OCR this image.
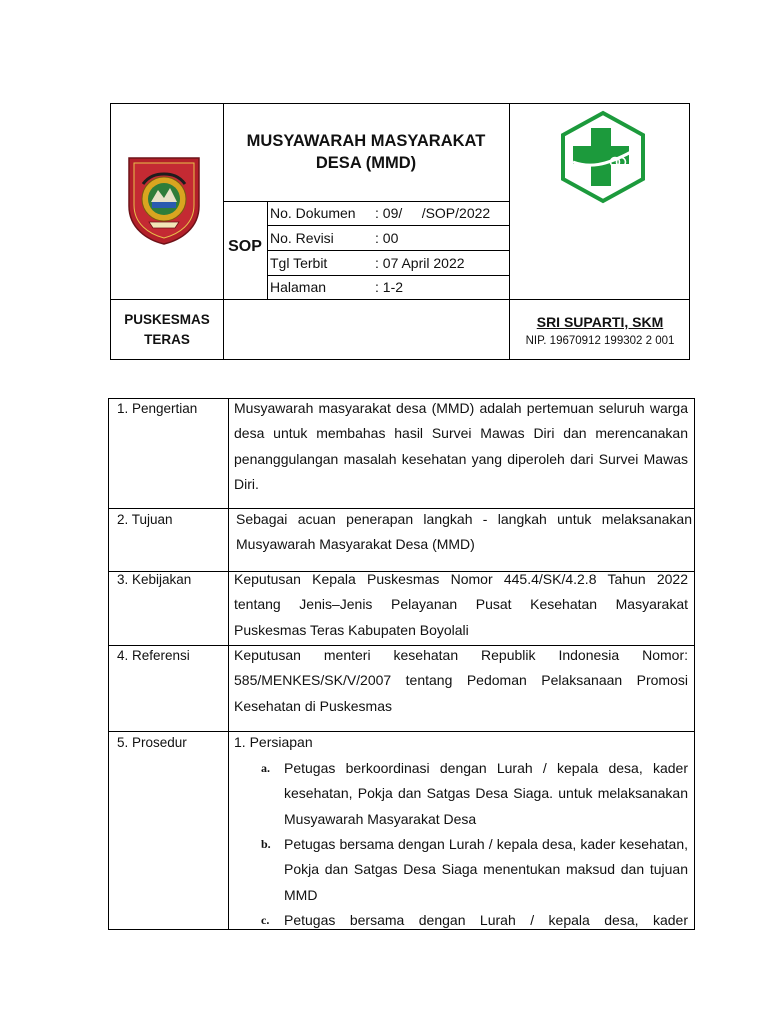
MUSYAWARAH MASYARAKAT DESA (MMD)
SOP
No. Dokumen : 09/     /SOP/2022
No. Revisi	: 00
Tgl Terbit	: 07 April 2022
Halaman	: 1-2
PUSKESMAS
TERAS
SRI SUPARTI, SKM
NIP. 19670912 199302 2 001
1. Pengertian	Musyawarah masyarakat desa (MMD) adalah pertemuan seluruh warga desa untuk membahas hasil Survei Mawas Diri dan merencanakan penanggulangan masalah kesehatan yang diperoleh dari Survei Mawas Diri.
2. Tujuan	Sebagai acuan penerapan langkah - langkah untuk melaksanakan Musyawarah Masyarakat Desa (MMD)
3. Kebijakan	Keputusan Kepala Puskesmas Nomor 445.4/SK/4.2.8 Tahun 2022 tentang Jenis–Jenis Pelayanan Pusat Kesehatan Masyarakat Puskesmas Teras Kabupaten Boyolali
4. Referensi	Keputusan menteri kesehatan Republik Indonesia Nomor: 585/MENKES/SK/V/2007 tentang Pedoman Pelaksanaan Promosi Kesehatan di Puskesmas
5. Prosedur	1. Persiapan
a. Petugas berkoordinasi dengan Lurah / kepala desa, kader kesehatan, Pokja dan Satgas Desa Siaga. untuk melaksanakan Musyawarah Masyarakat Desa
b. Petugas bersama dengan Lurah / kepala desa, kader kesehatan, Pokja dan Satgas Desa Siaga menentukan maksud dan tujuan MMD
c. Petugas bersama dengan Lurah / kepala desa, kader
